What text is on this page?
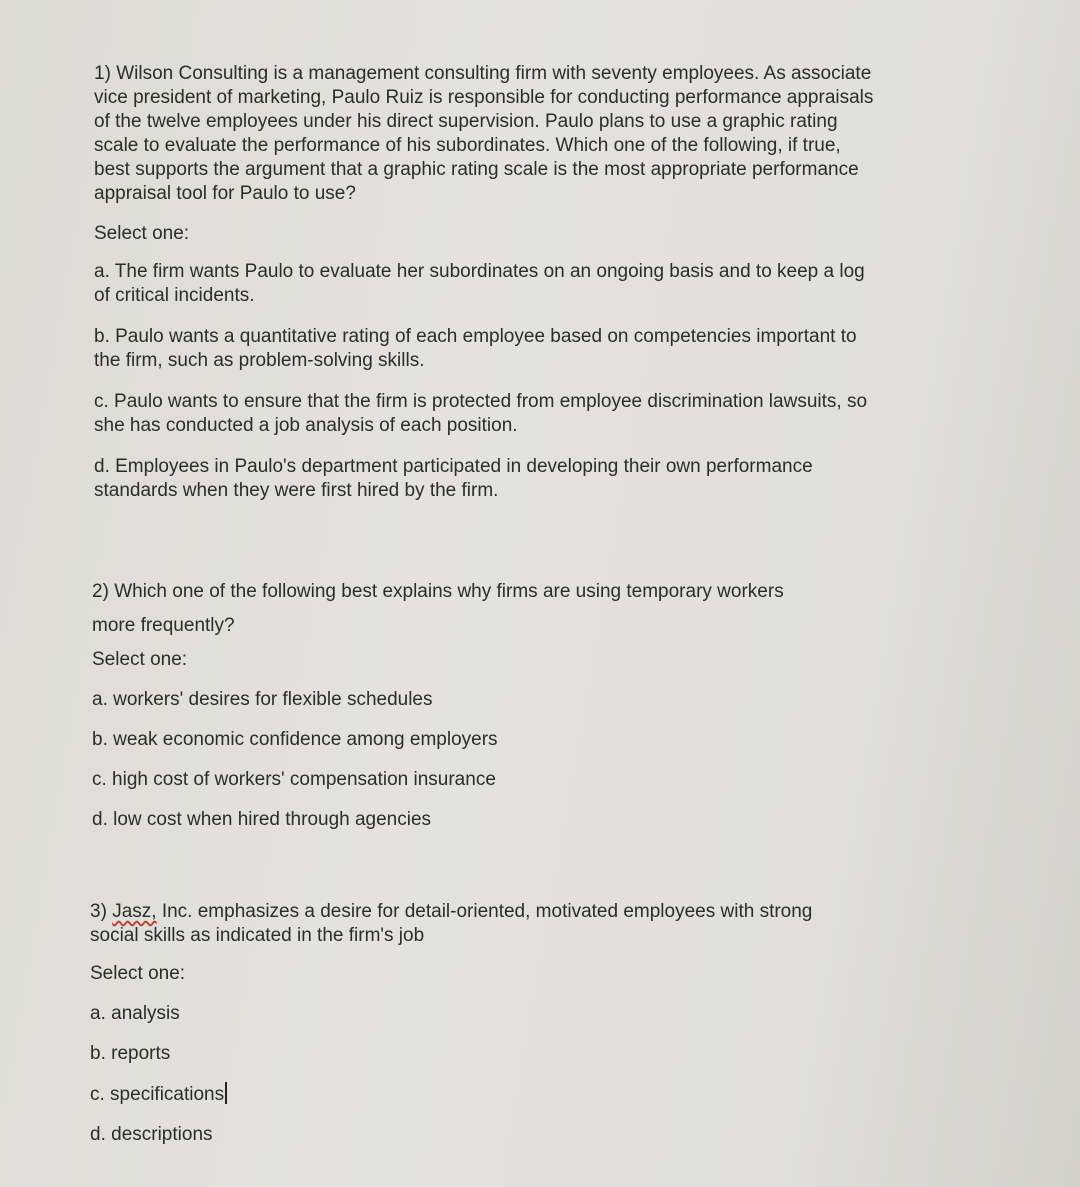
1) Wilson Consulting is a management consulting firm with seventy employees. As associate
vice president of marketing, Paulo Ruiz is responsible for conducting performance appraisals
of the twelve employees under his direct supervision. Paulo plans to use a graphic rating
scale to evaluate the performance of his subordinates. Which one of the following, if true,
best supports the argument that a graphic rating scale is the most appropriate performance
appraisal tool for Paulo to use?
Select one:
a. The firm wants Paulo to evaluate her subordinates on an ongoing basis and to keep a log
of critical incidents.
b. Paulo wants a quantitative rating of each employee based on competencies important to
the firm, such as problem-solving skills.
c. Paulo wants to ensure that the firm is protected from employee discrimination lawsuits, so
she has conducted a job analysis of each position.
d. Employees in Paulo's department participated in developing their own performance
standards when they were first hired by the firm.
2) Which one of the following best explains why firms are using temporary workers
more frequently?
Select one:
a. workers' desires for flexible schedules
b. weak economic confidence among employers
c. high cost of workers' compensation insurance
d. low cost when hired through agencies
3) Jasz, Inc. emphasizes a desire for detail-oriented, motivated employees with strong
social skills as indicated in the firm's job
Select one:
a. analysis
b. reports
c. specifications
d. descriptions
